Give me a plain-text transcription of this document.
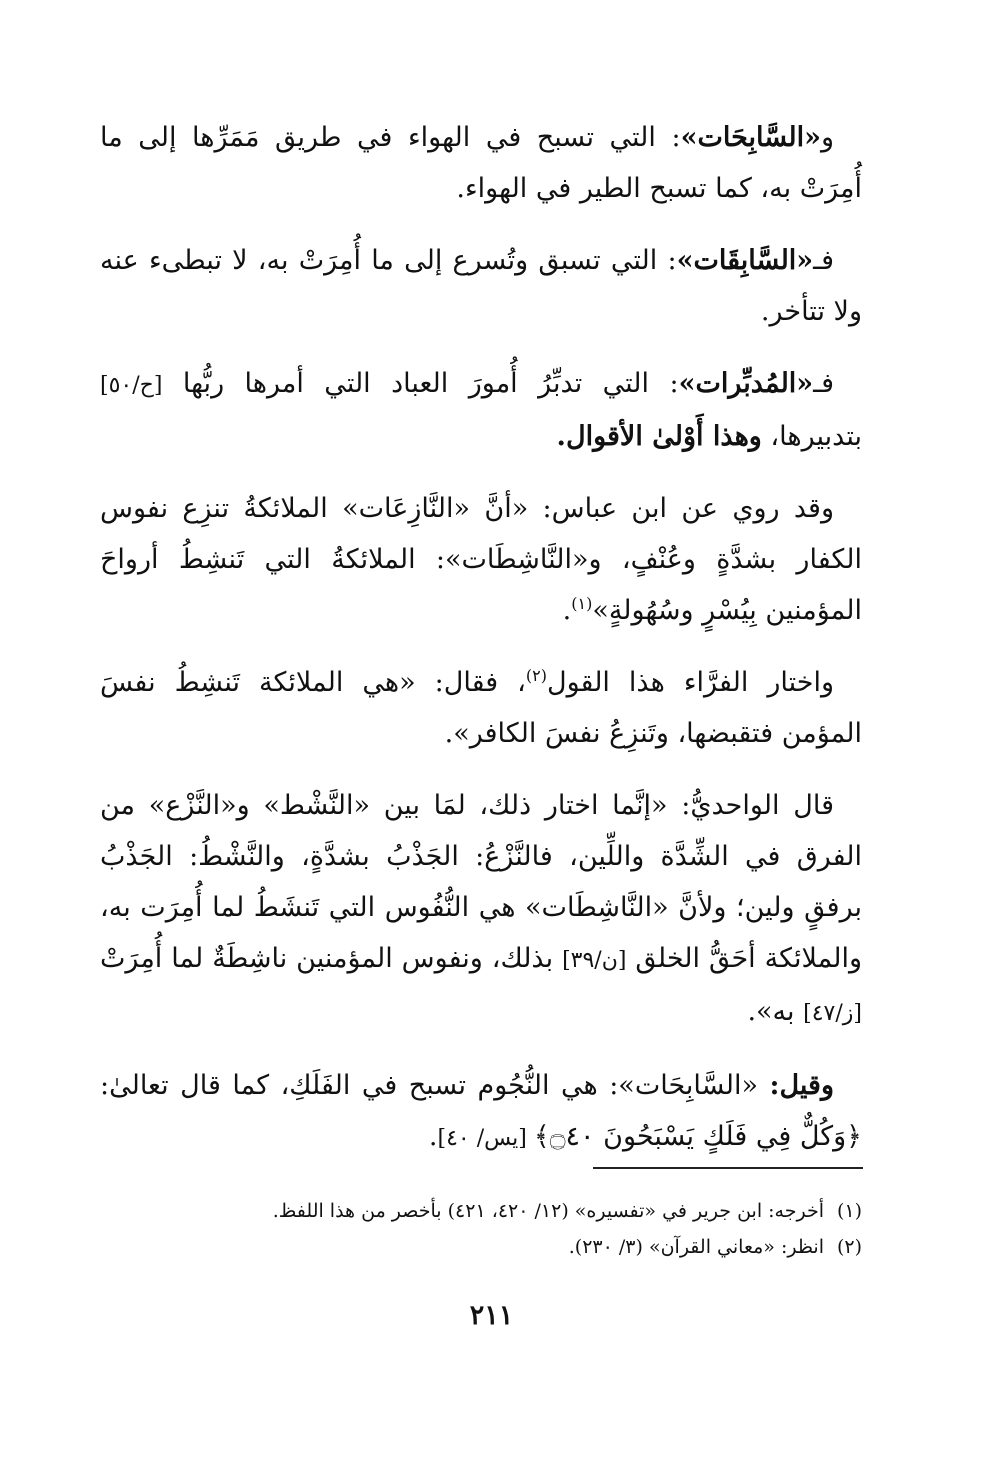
و«السَّابِحَات»: التي تسبح في الهواء في طريق مَمَرِّها إلى ما أُمِرَتْ به، كما تسبح الطير في الهواء.

فـ«السَّابِقَات»: التي تسبق وتُسرع إلى ما أُمِرَتْ به، لا تبطىء عنه ولا تتأخر.

فـ«المُدبِّرات»: التي تدبِّرُ أُمورَ العباد التي أمرها ربُّها [ح/٥٠] بتدبيرها، وهذا أَوْلىٰ الأقوال.

وقد روي عن ابن عباس: «أنَّ «النَّازِعَات» الملائكةُ تنزِع نفوس الكفار بشدَّةٍ وعُنْفٍ، و«النَّاشِطَات»: الملائكةُ التي تَنشِطُ أرواحَ المؤمنين بِيُسْرٍ وسُهُولةٍ»$^{(١)}$.

واختار الفرَّاء هذا القول$^{(٢)}$، فقال: «هي الملائكة تَنشِطُ نفسَ المؤمن فتقبضها، وتَنزِعُ نفسَ الكافر».

قال الواحديُّ: «إنَّما اختار ذلك، لمَا بين «النَّشْط» و«النَّزْع» من الفرق في الشِّدَّة واللِّين، فالنَّزْعُ: الجَذْبُ بشدَّةٍ، والنَّشْطُ: الجَذْبُ برفقٍ ولين؛ ولأنَّ «النَّاشِطَات» هي النُّفُوس التي تَنشَطُ لما أُمِرَت به، والملائكة أحَقُّ الخلق [ن/٣٩] بذلك، ونفوس المؤمنين ناشِطَةٌ لما أُمِرَتْ [ز/٤٧] به».

وقيل: «السَّابِحَات»: هي النُّجُوم تسبح في الفَلَكِ، كما قال تعالىٰ: ﴿وَكُلٌّ فِي فَلَكٍ يَسْبَحُونَ ۝٤٠﴾ [يس/ ٤٠].

(١)أخرجه: ابن جرير في «تفسيره» (١٢/ ٤٢٠، ٤٢١) بأخصر من هذا اللفظ.

(٢)انظر: «معاني القرآن» (٣/ ٢٣٠).

٢١١
